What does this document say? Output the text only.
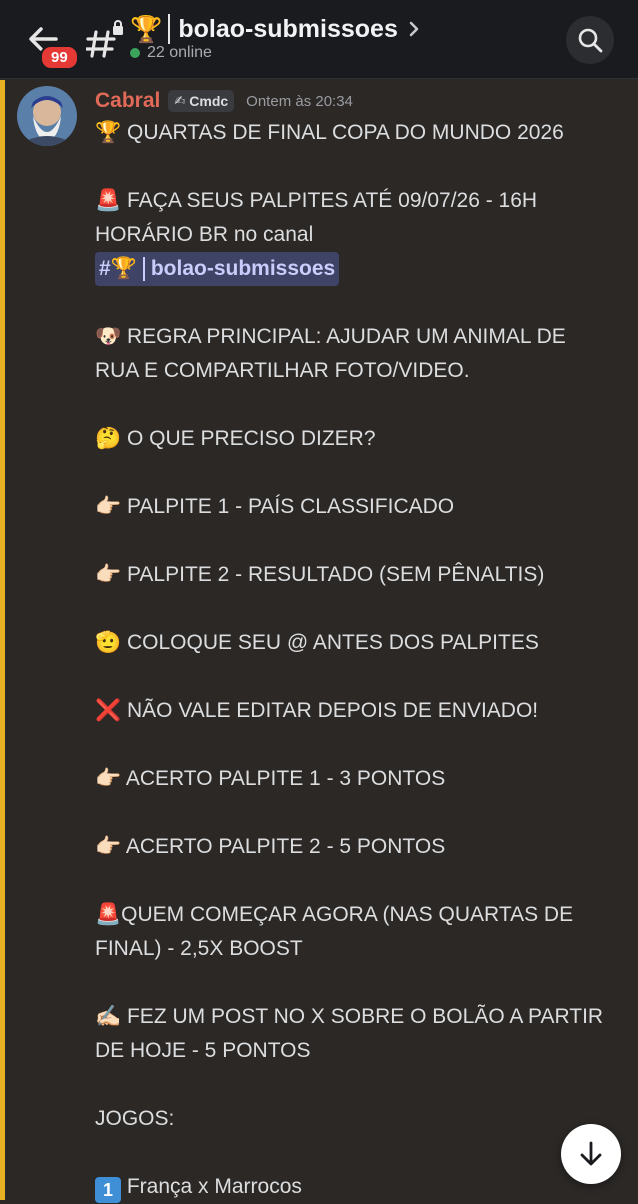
99
🏆 bolao-submissoes
22 online
Cabral ✍ Cmdc Ontem às 20:34

🏆 QUARTAS DE FINAL COPA DO MUNDO 2026

🚨 FAÇA SEUS PALPITES ATÉ 09/07/26 - 16H

HORÁRIO BR no canal

# 🏆 bolao-submissoes

🐶 REGRA PRINCIPAL: AJUDAR UM ANIMAL DE

RUA E COMPARTILHAR FOTO/VIDEO.

🤔 O QUE PRECISO DIZER?

👉🏻 PALPITE 1 - PAÍS CLASSIFICADO

👉🏻 PALPITE 2 - RESULTADO (SEM PÊNALTIS)

🫡 COLOQUE SEU @ ANTES DOS PALPITES

❌ NÃO VALE EDITAR DEPOIS DE ENVIADO!

👉🏻 ACERTO PALPITE 1 - 3 PONTOS

👉🏻 ACERTO PALPITE 2 - 5 PONTOS

🚨QUEM COMEÇAR AGORA (NAS QUARTAS DE

FINAL) - 2,5X BOOST

✍🏻 FEZ UM POST NO X SOBRE O BOLÃO A PARTIR

DE HOJE - 5 PONTOS

JOGOS:

1 França x Marrocos
